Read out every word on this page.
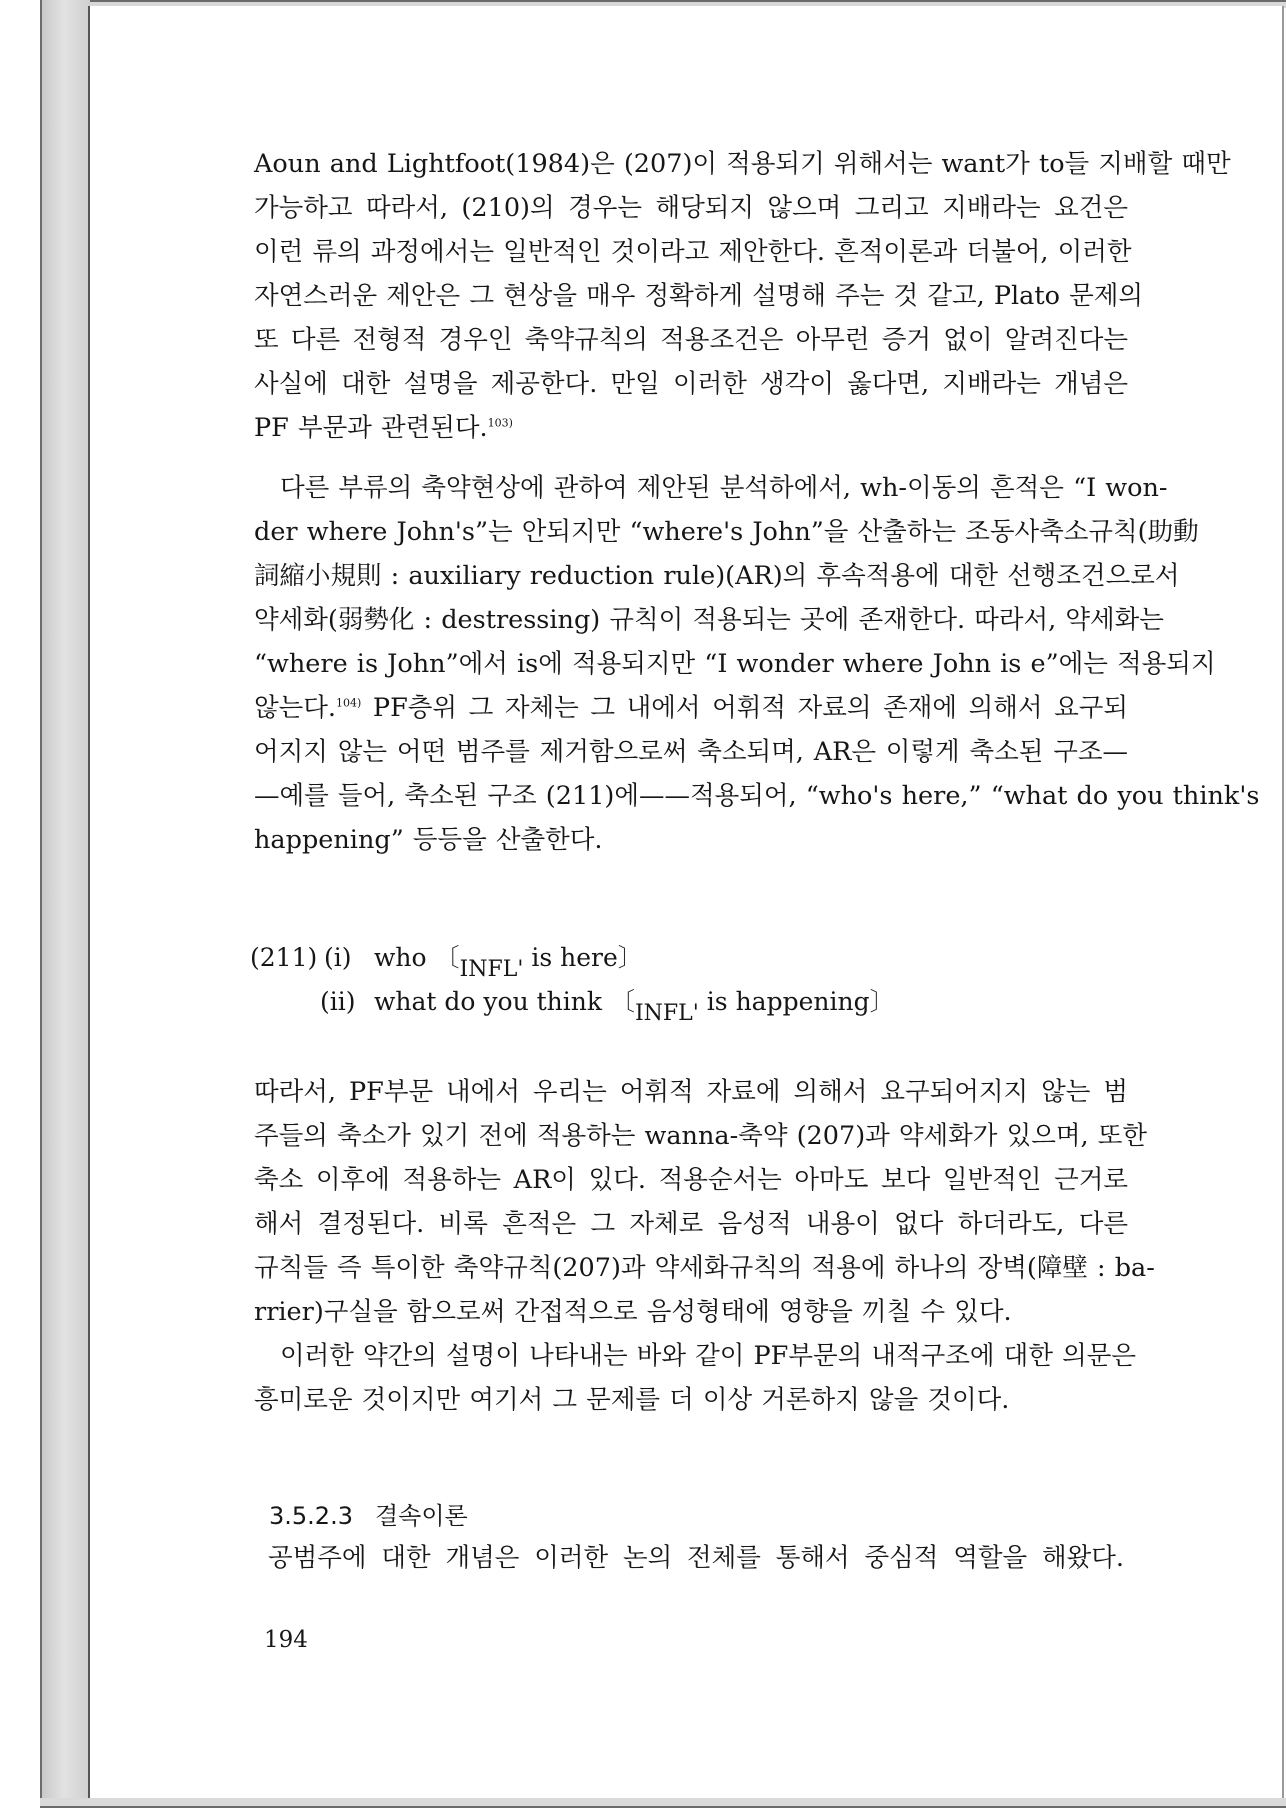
Aoun and Lightfoot(1984)은 (207)이 적용되기 위해서는 want가 to들 지배할 때만
가능하고 따라서, (210)의 경우는 해당되지 않으며 그리고 지배라는 요건은
이런 류의 과정에서는 일반적인 것이라고 제안한다. 흔적이론과 더불어, 이러한
자연스러운 제안은 그 현상을 매우 정확하게 설명해 주는 것 같고, Plato 문제의
또 다른 전형적 경우인 축약규칙의 적용조건은 아무런 증거 없이 알려진다는
사실에 대한 설명을 제공한다. 만일 이러한 생각이 옳다면, 지배라는 개념은
PF 부문과 관련된다.$^{103)}$
다른 부류의 축약현상에 관하여 제안된 분석하에서, wh-이동의 흔적은 “I won-
der where John's”는 안되지만 “where's John”을 산출하는 조동사축소규칙(助動
詞縮小規則 : auxiliary reduction rule)(AR)의 후속적용에 대한 선행조건으로서
약세화(弱勢化 : destressing) 규칙이 적용되는 곳에 존재한다. 따라서, 약세화는
“where is John”에서 is에 적용되지만 “I wonder where John is e”에는 적용되지
않는다.$^{104)}$ PF층위 그 자체는 그 내에서 어휘적 자료의 존재에 의해서 요구되
어지지 않는 어떤 범주를 제거함으로써 축소되며, AR은 이렇게 축소된 구조—
—예를 들어, 축소된 구조 (211)에——적용되어, “who's here,” “what do you think's
happening” 등등을 산출한다.
(211) (i) who 〔INFL' is here〕
(ii) what do you think 〔INFL' is happening〕
따라서, PF부문 내에서 우리는 어휘적 자료에 의해서 요구되어지지 않는 범
주들의 축소가 있기 전에 적용하는 wanna-축약 (207)과 약세화가 있으며, 또한
축소 이후에 적용하는 AR이 있다. 적용순서는 아마도 보다 일반적인 근거로
해서 결정된다. 비록 흔적은 그 자체로 음성적 내용이 없다 하더라도, 다른
규칙들 즉 특이한 축약규칙(207)과 약세화규칙의 적용에 하나의 장벽(障壁 : ba-
rrier)구실을 함으로써 간접적으로 음성형태에 영향을 끼칠 수 있다.
이러한 약간의 설명이 나타내는 바와 같이 PF부문의 내적구조에 대한 의문은
흥미로운 것이지만 여기서 그 문제를 더 이상 거론하지 않을 것이다.
3.5.2.3 결속이론
공범주에 대한 개념은 이러한 논의 전체를 통해서 중심적 역할을 해왔다.
194
